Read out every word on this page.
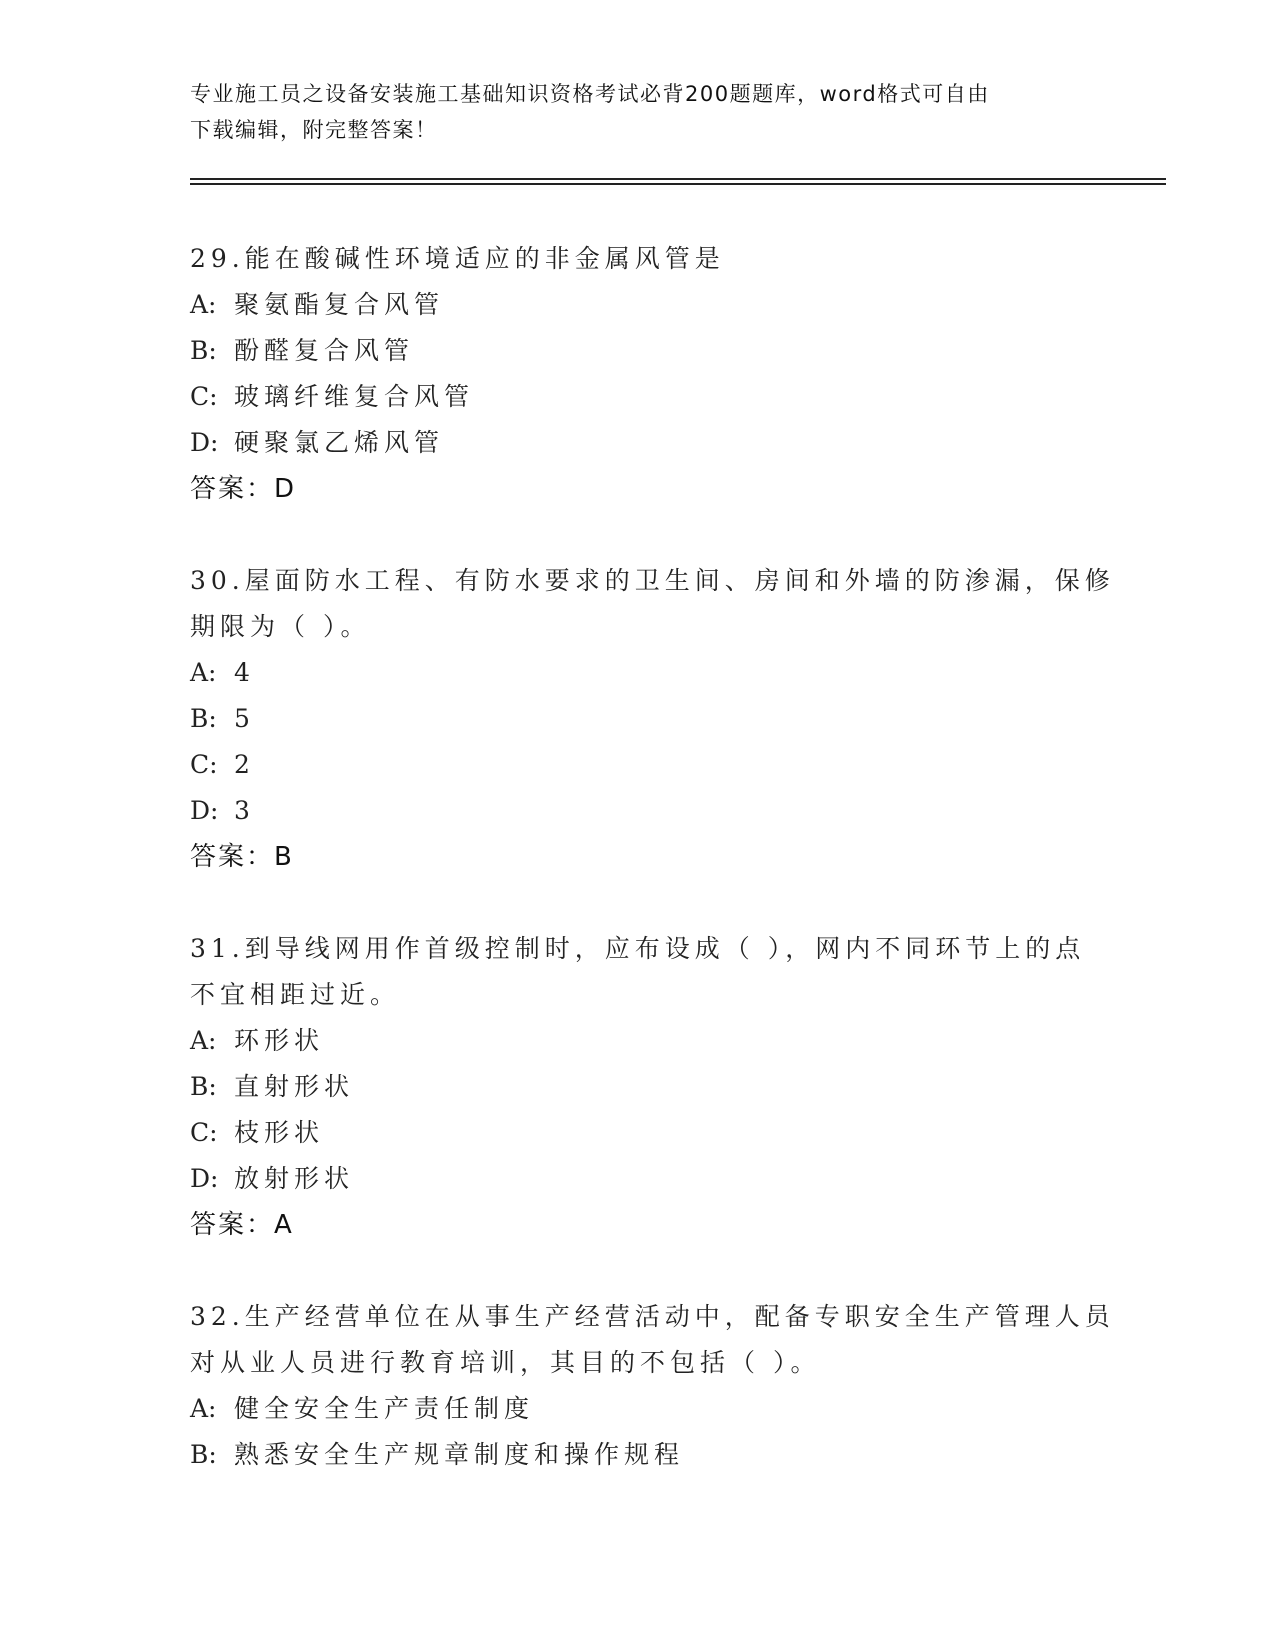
专业施工员之设备安装施工基础知识资格考试必背200题题库，word格式可自由
下载编辑，附完整答案！
29.能在酸碱性环境适应的非金属风管是
A: 聚氨酯复合风管
B: 酚醛复合风管
C: 玻璃纤维复合风管
D: 硬聚氯乙烯风管
答案：D
30.屋面防水工程、有防水要求的卫生间、房间和外墙的防渗漏，保修
期限为（ ）。
A: 4
B: 5
C: 2
D: 3
答案：B
31.到导线网用作首级控制时，应布设成（ ），网内不同环节上的点
不宜相距过近。
A: 环形状
B: 直射形状
C: 枝形状
D: 放射形状
答案：A
32.生产经营单位在从事生产经营活动中，配备专职安全生产管理人员
对从业人员进行教育培训，其目的不包括（ ）。
A: 健全安全生产责任制度
B: 熟悉安全生产规章制度和操作规程
